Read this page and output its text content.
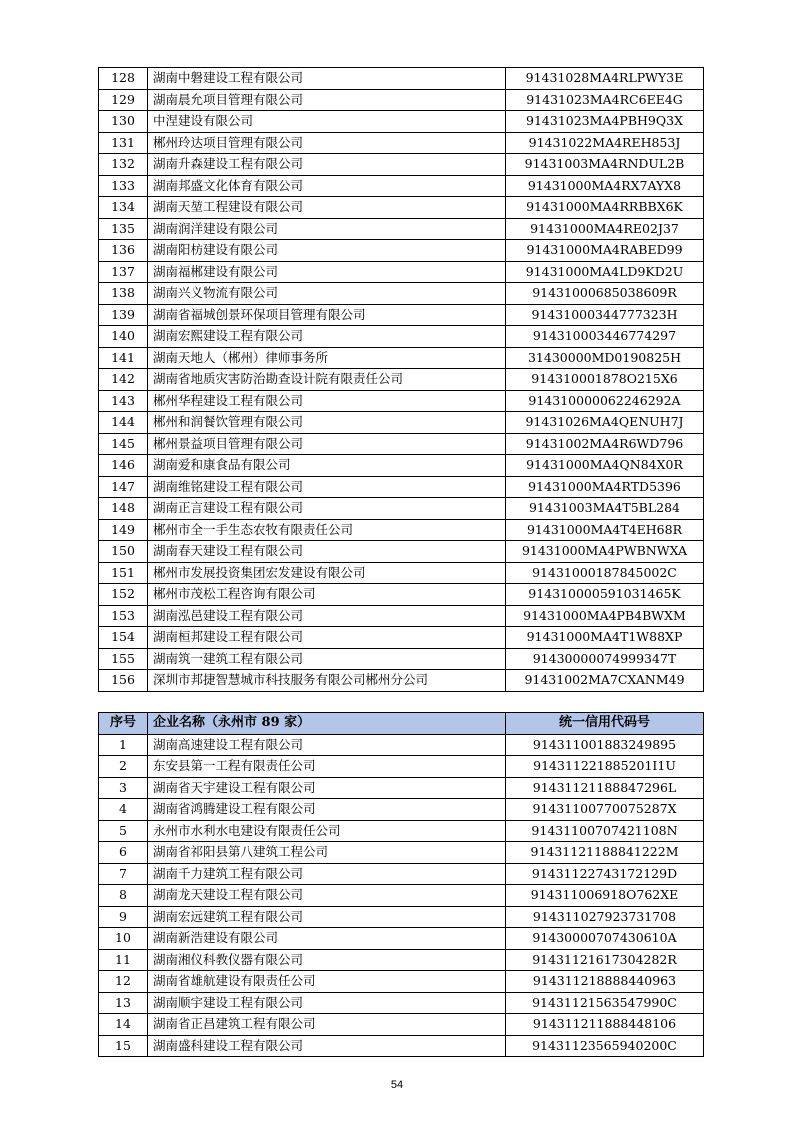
128	湖南中磐建设工程有限公司	91431028MA4RLPWY3E
129	湖南晨允项目管理有限公司	91431023MA4RC6EE4G
130	中涅建设有限公司	91431023MA4PBH9Q3X
131	郴州玲达项目管理有限公司	91431022MA4REH853J
132	湖南升森建设工程有限公司	91431003MA4RNDUL2B
133	湖南邦盛文化体育有限公司	91431000MA4RX7AYX8
134	湖南天堃工程建设有限公司	91431000MA4RRBBX6K
135	湖南润洋建设有限公司	91431000MA4RE02J37
136	湖南阳枋建设有限公司	91431000MA4RABED99
137	湖南福郴建设有限公司	91431000MA4LD9KD2U
138	湖南兴义物流有限公司	91431000685038609R
139	湖南省福城创景环保项目管理有限公司	91431000344777323H
140	湖南宏熙建设工程有限公司	914310003446774297
141	湖南天地人（郴州）律师事务所	31430000MD0190825H
142	湖南省地质灾害防治勘查设计院有限责任公司	914310001878O215X6
143	郴州华程建设工程有限公司	914310000062246292A
144	郴州和润餐饮管理有限公司	91431026MA4QENUH7J
145	郴州景益项目管理有限公司	91431002MA4R6WD796
146	湖南爱和康食品有限公司	91431000MA4QN84X0R
147	湖南维铭建设工程有限公司	91431000MA4RTD5396
148	湖南正言建设工程有限公司	91431003MA4T5BL284
149	郴州市全一手生态农牧有限责任公司	91431000MA4T4EH68R
150	湖南春天建设工程有限公司	91431000MA4PWBNWXA
151	郴州市发展投资集团宏发建设有限公司	91431000187845002C
152	郴州市茂松工程咨询有限公司	914310000591031465K
153	湖南泓邑建设工程有限公司	91431000MA4PB4BWXM
154	湖南桓邦建设工程有限公司	91431000MA4T1W88XP
155	湖南筑一建筑工程有限公司	91430000074999347T
156	深圳市邦捷智慧城市科技服务有限公司郴州分公司	91431002MA7CXANM49
序号	企业名称（永州市 89 家）	统一信用代码号
1	湖南高速建设工程有限公司	914311001883249895
2	东安县第一工程有限责任公司	914311221885201I1U
3	湖南省天宇建设工程有限公司	91431121188847296L
4	湖南省鸿腾建设工程有限公司	91431100770075287X
5	永州市水利水电建设有限责任公司	91431100707421108N
6	湖南省祁阳县第八建筑工程公司	91431121188841222M
7	湖南千力建筑工程有限公司	91431122743172129D
8	湖南龙天建设工程有限公司	914311006918O762XE
9	湖南宏远建筑工程有限公司	914311027923731708
10	湖南新浩建设有限公司	91430000707430610A
11	湖南湘仪科教仪器有限公司	91431121617304282R
12	湖南省雄航建设有限责任公司	914311218888440963
13	湖南顺宇建设工程有限公司	91431121563547990C
14	湖南省正昌建筑工程有限公司	914311211888448106
15	湖南盛科建设工程有限公司	91431123565940200C
54
